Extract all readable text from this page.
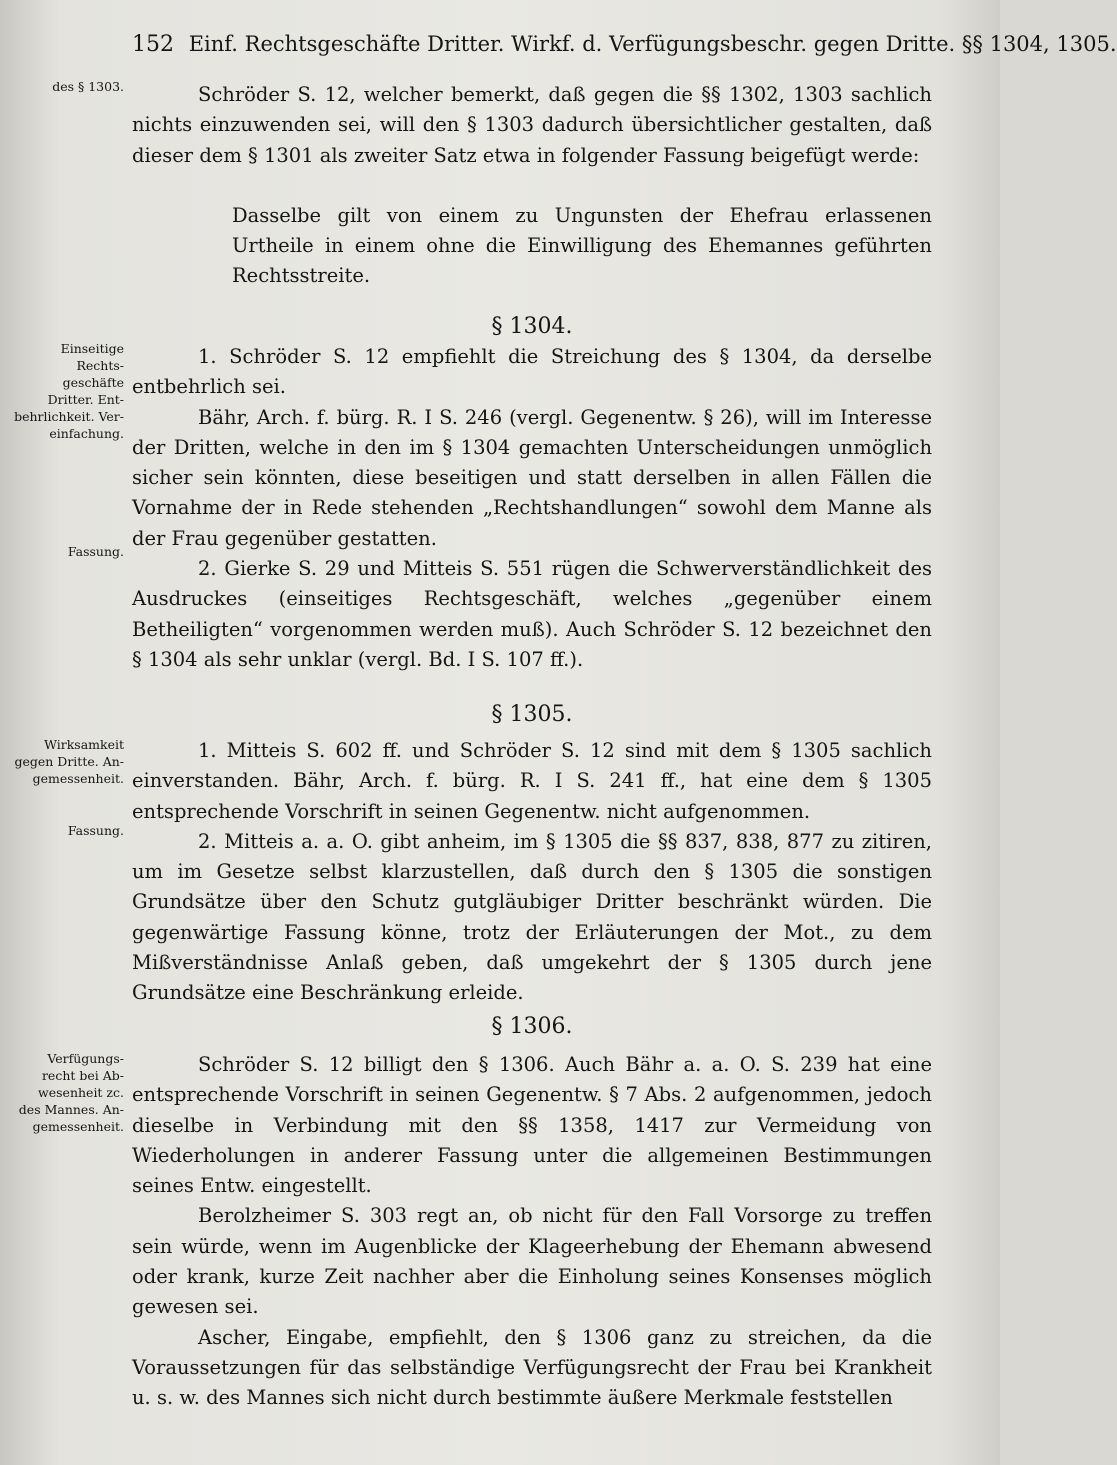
152 Einf. Rechtsgeschäfte Dritter. Wirkf. d. Verfügungsbeschr. gegen Dritte. §§ 1304, 1305.
des § 1303.
Einseitige Rechts- geschäfte Dritter. Ent- behrlichkeit. Ver- einfachung.
Fassung.
Wirksamkeit gegen Dritte. An- gemessenheit.
Fassung.
Verfügungs- recht bei Ab- wesenheit zc. des Mannes. An- gemessenheit.

Schröder S. 12, welcher bemerkt, daß gegen die §§ 1302, 1303 sachlich nichts einzuwenden sei, will den § 1303 dadurch übersichtlicher gestalten, daß dieser dem § 1301 als zweiter Satz etwa in folgender Fassung beigefügt werde:

Dasselbe gilt von einem zu Ungunsten der Ehefrau erlassenen Urtheile in einem ohne die Einwilligung des Ehemannes geführten Rechtsstreite.
§ 1304.

1. Schröder S. 12 empfiehlt die Streichung des § 1304, da derselbe entbehrlich sei.

Bähr, Arch. f. bürg. R. I S. 246 (vergl. Gegenentw. § 26), will im Interesse der Dritten, welche in den im § 1304 gemachten Unterscheidungen unmöglich sicher sein könnten, diese beseitigen und statt derselben in allen Fällen die Vornahme der in Rede stehenden „Rechtshandlungen“ sowohl dem Manne als der Frau gegenüber gestatten.

2. Gierke S. 29 und Mitteis S. 551 rügen die Schwerverständlichkeit des Ausdruckes (einseitiges Rechtsgeschäft, welches „gegenüber einem Betheiligten“ vorgenommen werden muß). Auch Schröder S. 12 bezeichnet den § 1304 als sehr unklar (vergl. Bd. I S. 107 ff.).

§ 1305.

1. Mitteis S. 602 ff. und Schröder S. 12 sind mit dem § 1305 sachlich einverstanden. Bähr, Arch. f. bürg. R. I S. 241 ff., hat eine dem § 1305 entsprechende Vorschrift in seinen Gegenentw. nicht aufgenommen.

2. Mitteis a. a. O. gibt anheim, im § 1305 die §§ 837, 838, 877 zu zitiren, um im Gesetze selbst klarzustellen, daß durch den § 1305 die sonstigen Grundsätze über den Schutz gutgläubiger Dritter beschränkt würden. Die gegenwärtige Fassung könne, trotz der Erläuterungen der Mot., zu dem Mißverständnisse Anlaß geben, daß umgekehrt der § 1305 durch jene Grundsätze eine Beschränkung erleide.

§ 1306.

Schröder S. 12 billigt den § 1306. Auch Bähr a. a. O. S. 239 hat eine entsprechende Vorschrift in seinen Gegenentw. § 7 Abs. 2 aufgenommen, jedoch dieselbe in Verbindung mit den §§ 1358, 1417 zur Vermeidung von Wiederholungen in anderer Fassung unter die allgemeinen Bestimmungen seines Entw. eingestellt.

Berolzheimer S. 303 regt an, ob nicht für den Fall Vorsorge zu treffen sein würde, wenn im Augenblicke der Klageerhebung der Ehemann abwesend oder krank, kurze Zeit nachher aber die Einholung seines Konsenses möglich gewesen sei.

Ascher, Eingabe, empfiehlt, den § 1306 ganz zu streichen, da die Voraussetzungen für das selbständige Verfügungsrecht der Frau bei Krankheit u. s. w. des Mannes sich nicht durch bestimmte äußere Merkmale feststellen
